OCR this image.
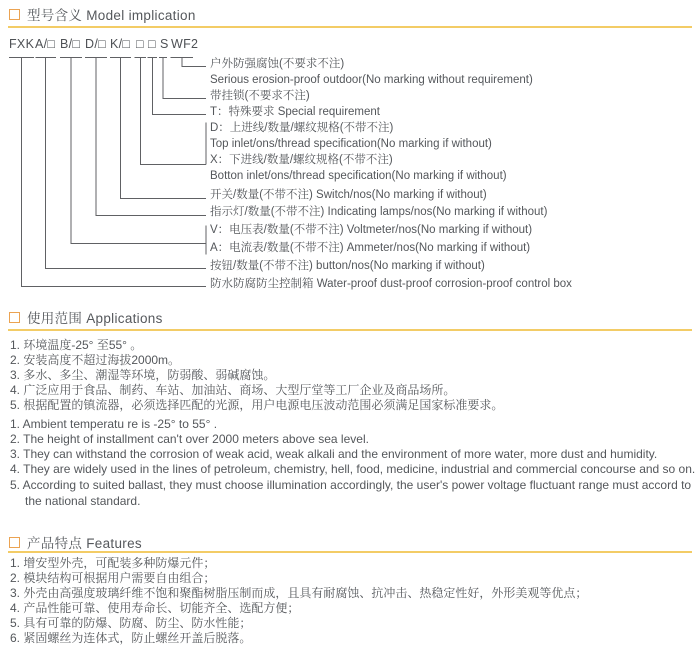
型号含义 Model implication
FXK A/□ B/□ D/□ K/□ □ □ S WF2
户外防强腐蚀(不要求不注)
Serious erosion-proof outdoor(No marking without requirement)
带挂锁(不要求不注)
T：特殊要求 Special requirement
D：上进线/数量/螺纹规格(不带不注)
Top inlet/ons/thread specification(No marking if without)
X：下进线/数量/螺纹规格(不带不注)
Botton inlet/ons/thread specification(No marking if without)
开关/数量(不带不注) Switch/nos(No marking if without)
指示灯/数量(不带不注) Indicating lamps/nos(No marking if without)
V：电压表/数量(不带不注) Voltmeter/nos(No marking if without)
A：电流表/数量(不带不注) Ammeter/nos(No marking if without)
按钮/数量(不带不注) button/nos(No marking if without)
防水防腐防尘控制箱 Water-proof dust-proof corrosion-proof control box
使用范围 Applications
1. 环境温度-25° 至55° 。
2. 安装高度不超过海拔2000m。
3. 多水、多尘、潮湿等环境，防弱酸、弱碱腐蚀。
4. 广泛应用于食品、制药、车站、加油站、商场、大型厅堂等工厂企业及商品场所。
5. 根据配置的镇流器，必须选择匹配的光源，用户电源电压波动范围必须满足国家标准要求。
1. Ambient temperatu re is -25° to 55° .
2. The height of installment can't over 2000 meters above sea level.
3. They can withstand the corrosion of weak acid, weak alkali and the environment of more water, more dust and humidity.
4. They are widely used in the lines of petroleum, chemistry, hell, food, medicine, industrial and commercial concourse and so on.
5. According to suited ballast, they must choose illumination accordingly, the user's power voltage fluctuant range must accord to the national standard.
产品特点 Features
1. 增安型外壳，可配装多种防爆元件；
2. 模块结构可根据用户需要自由组合；
3. 外壳由高强度玻璃纤维不饱和聚酯树脂压制而成，且具有耐腐蚀、抗冲击、热稳定性好，外形美观等优点；
4. 产品性能可靠、使用寿命长、切能齐全、选配方便；
5. 具有可靠的防爆、防腐、防尘、防水性能；
6. 紧固螺丝为连体式，防止螺丝开盖后脱落。
